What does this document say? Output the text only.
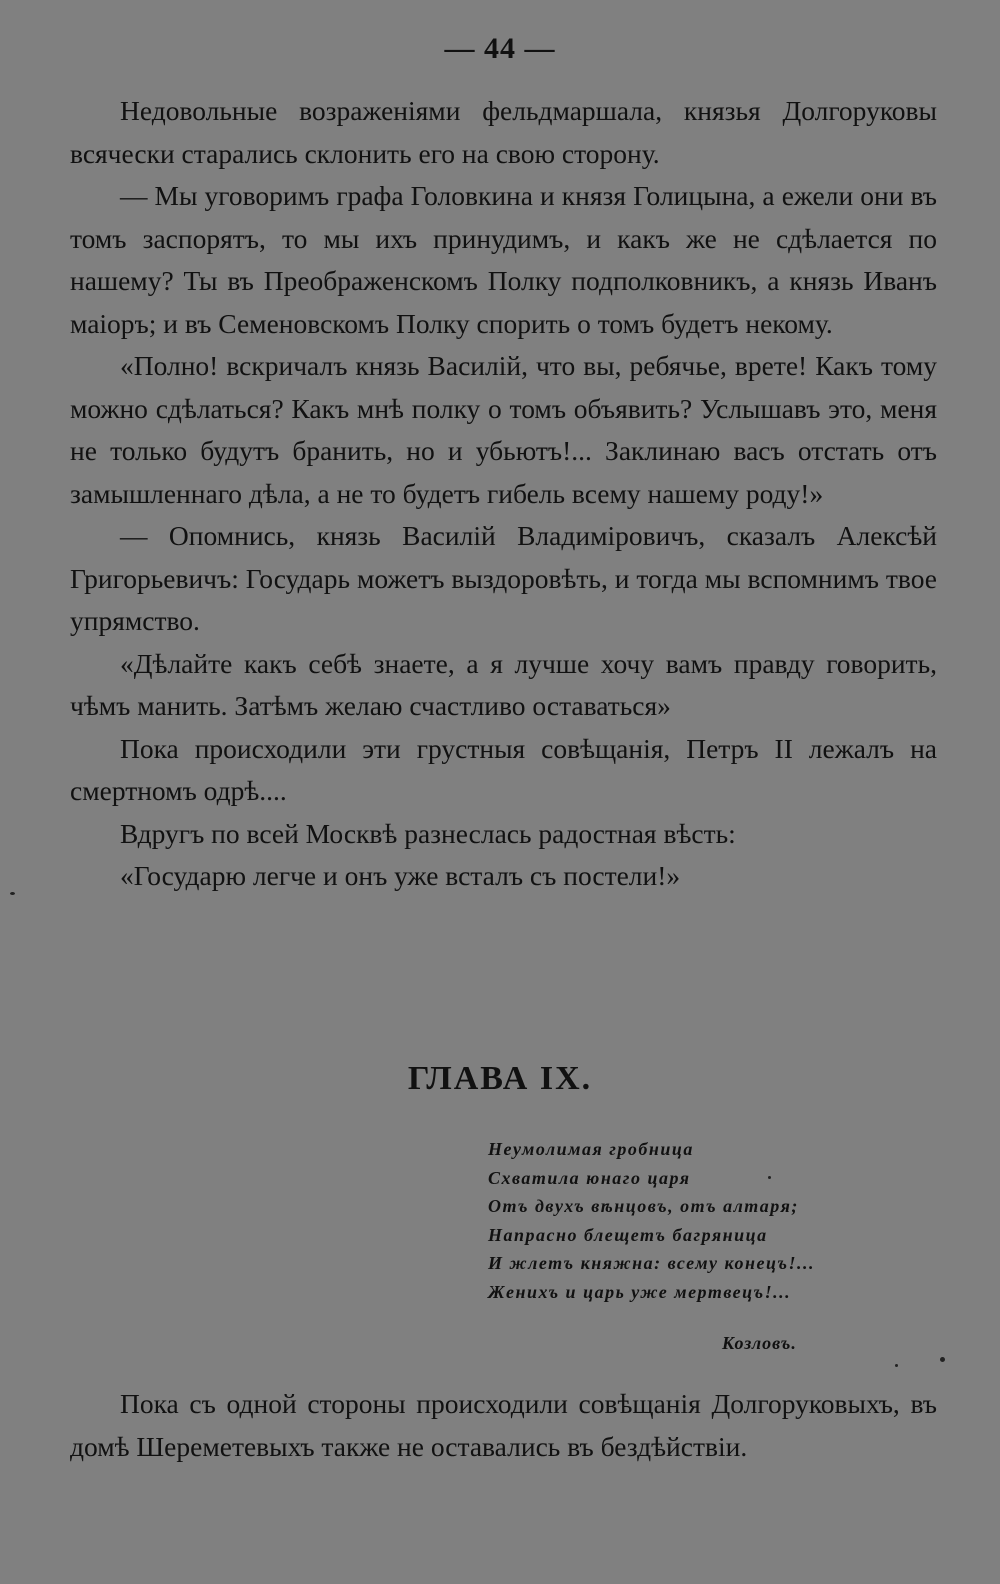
— 44 —

Недовольные возраженіями фельдмаршала, князья Долгоруковы всячески старались склонить его на свою сторону.

— Мы уговоримъ графа Головкина и князя Голицына, а ежели они въ томъ заспорятъ, то мы ихъ принудимъ, и какъ же не сдѣлается по нашему? Ты въ Преображенскомъ Полку подполковникъ, а князь Иванъ маіоръ; и въ Семеновскомъ Полку спорить о томъ будетъ некому.

«Полно! вскричалъ князь Василій, что вы, ребячье, врете! Какъ тому можно сдѣлаться? Какъ мнѣ полку о томъ объявить? Услышавъ это, меня не только будутъ бранить, но и убьютъ!... Заклинаю васъ отстать отъ замышленнаго дѣла, а не то будетъ гибель всему нашему роду!»

— Опомнись, князь Василій Владиміровичъ, сказалъ Алексѣй Григорьевичъ: Государь можетъ выздоровѣть, и тогда мы вспомнимъ твое упрямство.

«Дѣлайте какъ себѣ знаете, а я лучше хочу вамъ правду говорить, чѣмъ манить. Затѣмъ желаю счастливо оставаться»

Пока происходили эти грустныя совѣщанія, Петръ II лежалъ на смертномъ одрѣ....

Вдругъ по всей Москвѣ разнеслась радостная вѣсть:

«Государю легче и онъ уже всталъ съ постели!»

ГЛАВА IX.
Неумолимая гробница
Схватила юнаго царя
Отъ двухъ вѣнцовъ, отъ алтаря;
Напрасно блещетъ багряница
И жлетъ княжна: всему конецъ!...
Женихъ и царь уже мертвецъ!...
Козловъ.

Пока съ одной стороны происходили совѣщанія Долгоруковыхъ, въ домѣ Шереметевыхъ также не оставались въ бездѣйствіи.
